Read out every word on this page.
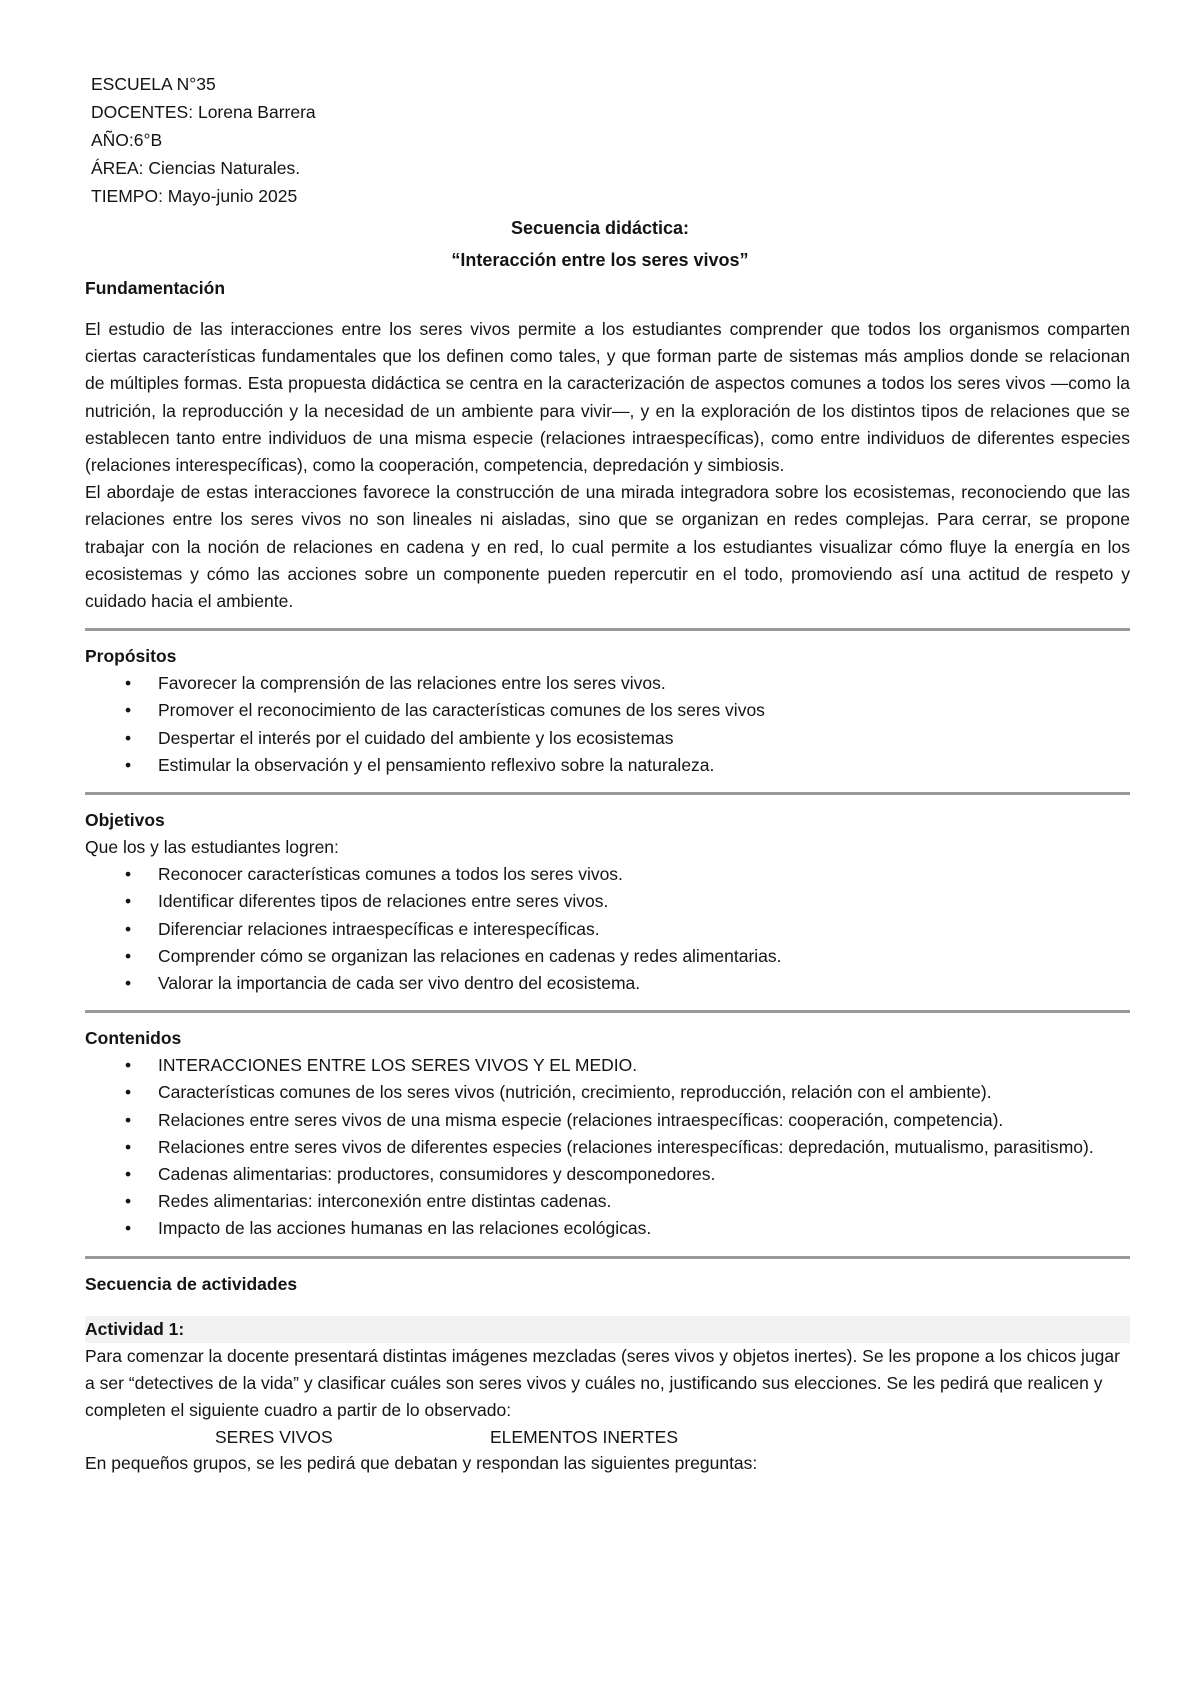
ESCUELA N°35
DOCENTES: Lorena Barrera
AÑO:6°B
ÁREA: Ciencias Naturales.
TIEMPO: Mayo-junio 2025
Secuencia didáctica:
“Interacción entre los seres vivos”
Fundamentación

El estudio de las interacciones entre los seres vivos permite a los estudiantes comprender que todos los organismos comparten ciertas características fundamentales que los definen como tales, y que forman parte de sistemas más amplios donde se relacionan de múltiples formas. Esta propuesta didáctica se centra en la caracterización de aspectos comunes a todos los seres vivos —como la nutrición, la reproducción y la necesidad de un ambiente para vivir—, y en la exploración de los distintos tipos de relaciones que se establecen tanto entre individuos de una misma especie (relaciones intraespecíficas), como entre individuos de diferentes especies (relaciones interespecíficas), como la cooperación, competencia, depredación y simbiosis.

El abordaje de estas interacciones favorece la construcción de una mirada integradora sobre los ecosistemas, reconociendo que las relaciones entre los seres vivos no son lineales ni aisladas, sino que se organizan en redes complejas. Para cerrar, se propone trabajar con la noción de relaciones en cadena y en red, lo cual permite a los estudiantes visualizar cómo fluye la energía en los ecosistemas y cómo las acciones sobre un componente pueden repercutir en el todo, promoviendo así una actitud de respeto y cuidado hacia el ambiente.

Propósitos
• Favorecer la comprensión de las relaciones entre los seres vivos.
• Promover el reconocimiento de las características comunes de los seres vivos
• Despertar el interés por el cuidado del ambiente y los ecosistemas
• Estimular la observación y el pensamiento reflexivo sobre la naturaleza.
Objetivos

Que los y las estudiantes logren:

• Reconocer características comunes a todos los seres vivos.
• Identificar diferentes tipos de relaciones entre seres vivos.
• Diferenciar relaciones intraespecíficas e interespecíficas.
• Comprender cómo se organizan las relaciones en cadenas y redes alimentarias.
• Valorar la importancia de cada ser vivo dentro del ecosistema.
Contenidos
• INTERACCIONES ENTRE LOS SERES VIVOS Y EL MEDIO.
• Características comunes de los seres vivos (nutrición, crecimiento, reproducción, relación con el ambiente).
• Relaciones entre seres vivos de una misma especie (relaciones intraespecíficas: cooperación, competencia).
• Relaciones entre seres vivos de diferentes especies (relaciones interespecíficas: depredación, mutualismo, parasitismo).
• Cadenas alimentarias: productores, consumidores y descomponedores.
• Redes alimentarias: interconexión entre distintas cadenas.
• Impacto de las acciones humanas en las relaciones ecológicas.
Secuencia de actividades
Actividad 1:

Para comenzar la docente presentará distintas imágenes mezcladas (seres vivos y objetos inertes). Se les propone a los chicos jugar a ser “detectives de la vida” y clasificar cuáles son seres vivos y cuáles no, justificando sus elecciones. Se les pedirá que realicen y completen el siguiente cuadro a partir de lo observado:

SERES VIVOS	ELEMENTOS INERTES

En pequeños grupos, se les pedirá que debatan y respondan las siguientes preguntas:
